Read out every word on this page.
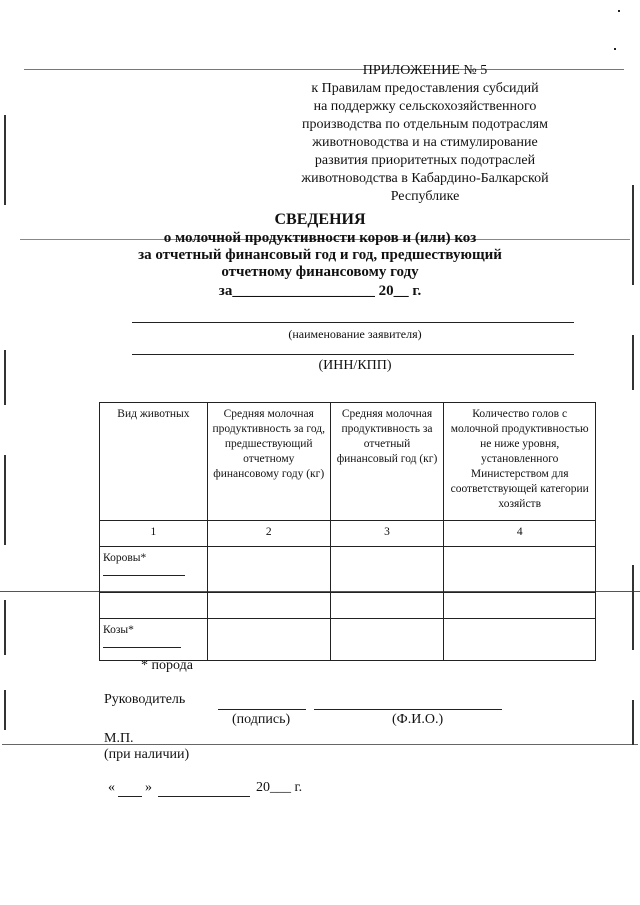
ПРИЛОЖЕНИЕ № 5
к Правилам предоставления субсидий
на поддержку сельскохозяйственного
производства по отдельным подотраслям
животноводства и на стимулирование
развития приоритетных подотраслей
животноводства в Кабардино-Балкарской
Республике
СВЕДЕНИЯ
о молочной продуктивности коров и (или) коз
за отчетный финансовый год и год, предшествующий
отчетному финансовому году
за___________________ 20__ г.
(наименование заявителя)
(ИНН/КПП)
Вид животных	Средняя молочная продуктивность за год, предшествующий отчетному финансовому году (кг)	Средняя молочная продуктивность за отчетный финансовый год (кг)	Количество голов с молочной продуктивностью не ниже уровня, установленного Министерством для соответствующей категории хозяйств
1	2	3	4
Коровы*

Козы*

* порода
Руководитель
(подпись)	(Ф.И.О.)
М.П.
(при наличии)
« »	20___ г.
